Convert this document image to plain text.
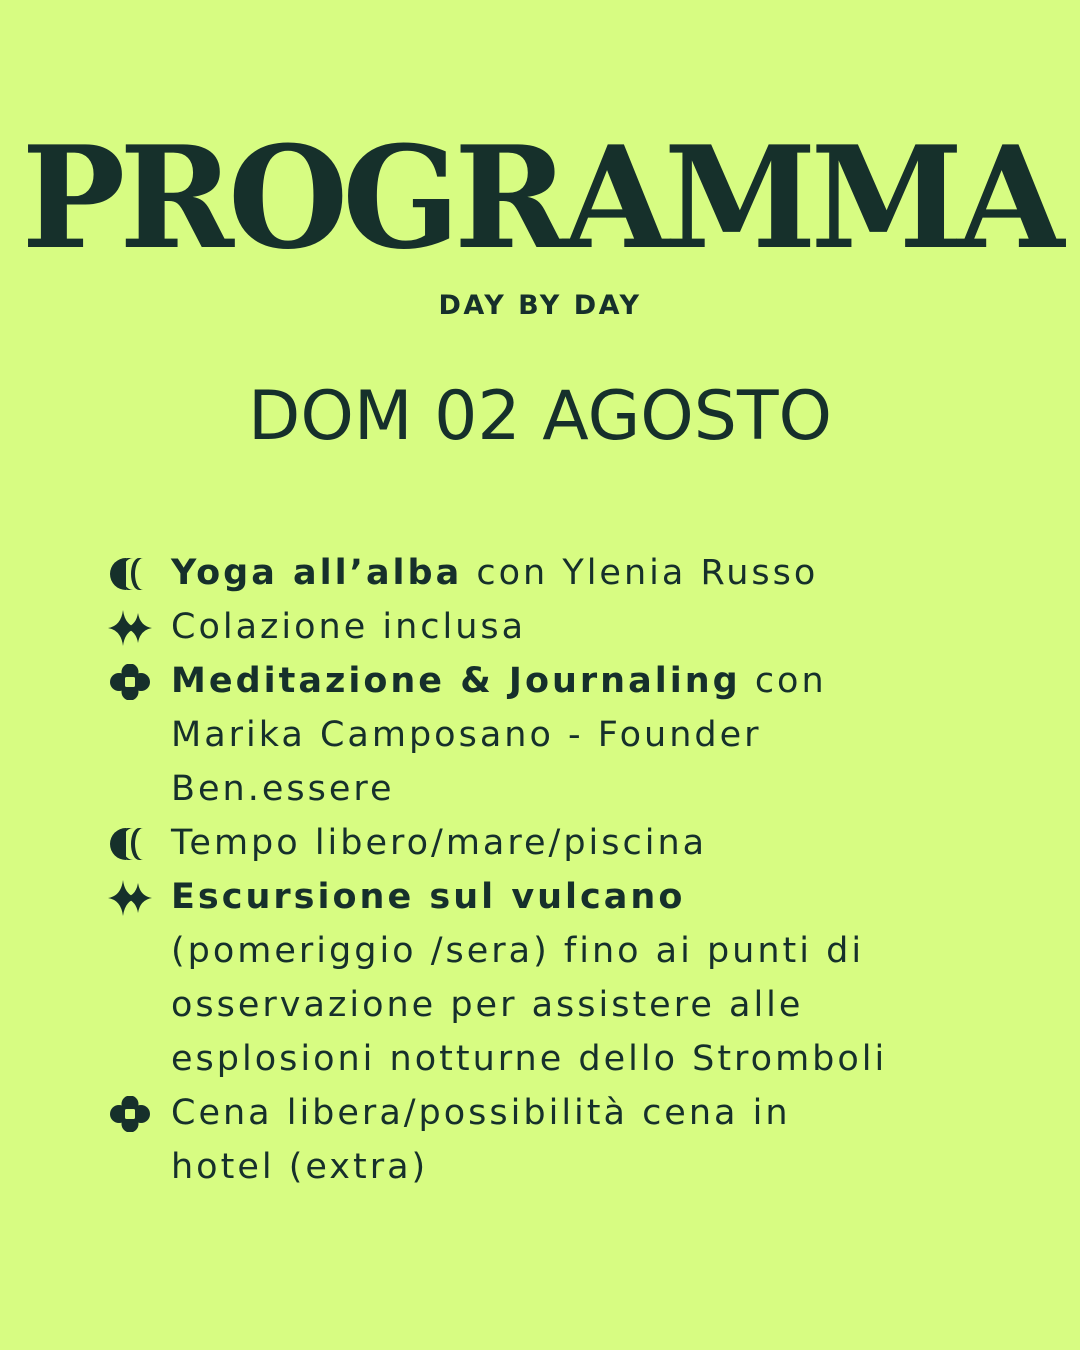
PROGRAMMA
DAY BY DAY
DOM 02 AGOSTO
Yoga all’alba con Ylenia Russo
Colazione inclusa
Meditazione & Journaling con
Marika Camposano - Founder
Ben.essere
Tempo libero/mare/piscina
Escursione sul vulcano
(pomeriggio /sera) fino ai punti di
osservazione per assistere alle
esplosioni notturne dello Stromboli
Cena libera/possibilità cena in
hotel (extra)
